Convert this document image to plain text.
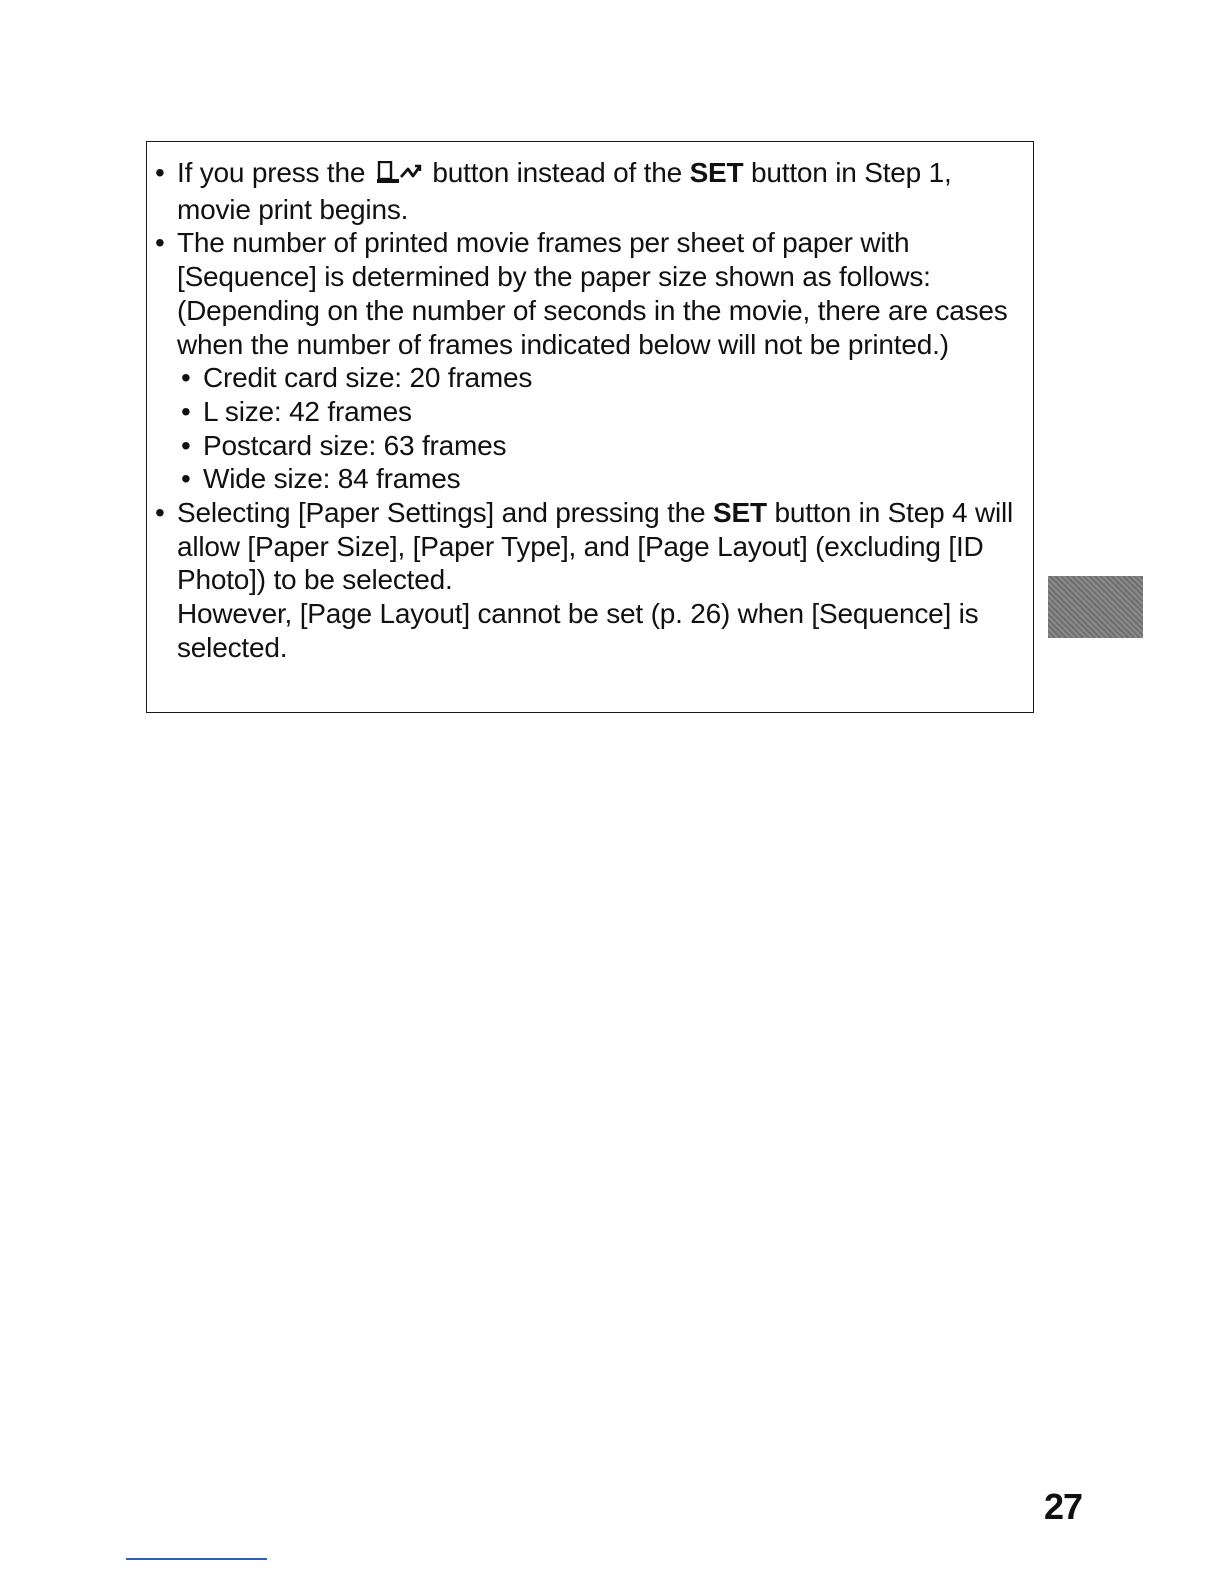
• If you press the button instead of the SET button in Step 1, movie print begins.
• The number of printed movie frames per sheet of paper with [Sequence] is determined by the paper size shown as follows: (Depending on the number of seconds in the movie, there are cases when the number of frames indicated below will not be printed.)
• Credit card size: 20 frames
• L size: 42 frames
• Postcard size: 63 frames
• Wide size: 84 frames
• Selecting [Paper Settings] and pressing the SET button in Step 4 will allow [Paper Size], [Paper Type], and [Page Layout] (excluding [ID Photo]) to be selected.
However, [Page Layout] cannot be set (p. 26) when [Sequence] is selected.
27
